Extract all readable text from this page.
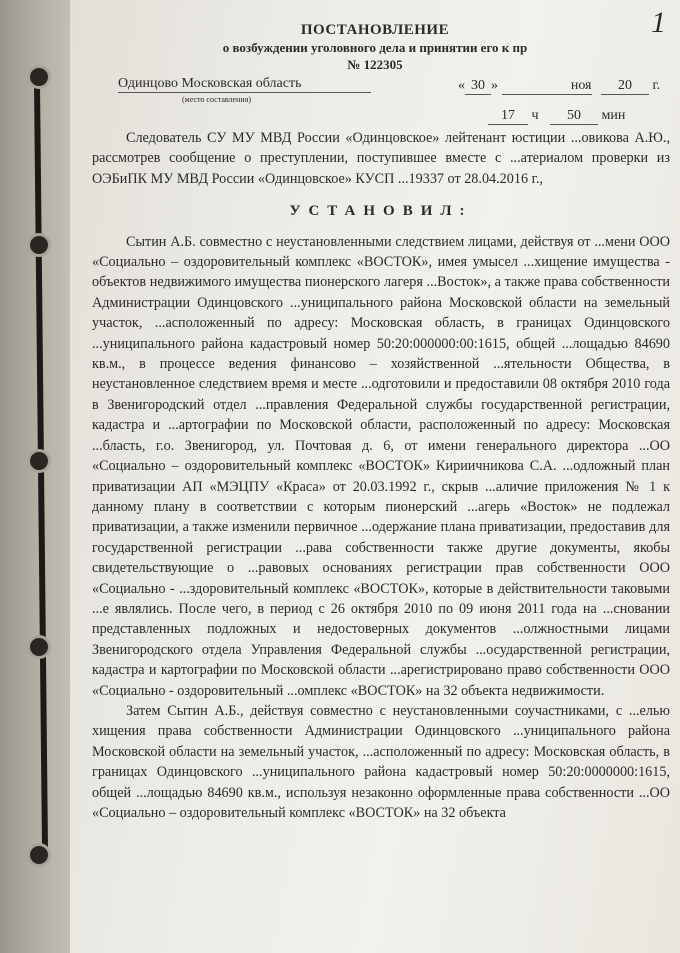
1
ПОСТАНОВЛЕНИЕ
о возбуждении уголовного дела и принятии его к пр
№ 122305
Одинцово Московская область
(место составления)
« 30 »	ноя 20 г.
17 ч 50 мин

Следователь СУ МУ МВД России «Одинцовское» лейтенант юстиции ...овикова А.Ю., рассмотрев сообщение о преступлении, поступившее вместе с ...атериалом проверки из ОЭБиПК МУ МВД России «Одинцовское» КУСП ...19337 от 28.04.2016 г.,

УСТАНОВИЛ:

Сытин А.Б. совместно с неустановленными следствием лицами, действуя от ...мени ООО «Социально – оздоровительный комплекс «ВОСТОК», имея умысел ...хищение имущества - объектов недвижимого имущества пионерского лагеря ...Восток», а также права собственности Администрации Одинцовского ...униципального района Московской области на земельный участок, ...асположенный по адресу: Московская область, в границах Одинцовского ...униципального района кадастровый номер 50:20:000000:00:1615, общей ...лощадью 84690 кв.м., в процессе ведения финансово – хозяйственной ...ятельности Общества, в неустановленное следствием время и месте ...одготовили и предоставили 08 октября 2010 года в Звенигородский отдел ...правления Федеральной службы государственной регистрации, кадастра и ...артографии по Московской области, расположенный по адресу: Московская ...бласть, г.о. Звенигород, ул. Почтовая д. 6, от имени генерального директора ...ОО «Социально – оздоровительный комплекс «ВОСТОК» Кириичникова С.А. ...одложный план приватизации АП «МЭЦПУ «Краса» от 20.03.1992 г., скрыв ...аличие приложения № 1 к данному плану в соответствии с которым пионерский ...агерь «Восток» не подлежал приватизации, а также изменили первичное ...одержание плана приватизации, предоставив для государственной регистрации ...рава собственности также другие документы, якобы свидетельствующие о ...равовых основаниях регистрации прав собственности ООО «Социально - ...здоровительный комплекс «ВОСТОК», которые в действительности таковыми ...е являлись. После чего, в период с 26 октября 2010 по 09 июня 2011 года на ...сновании представленных подложных и недостоверных документов ...олжностными лицами Звенигородского отдела Управления Федеральной службы ...осударственной регистрации, кадастра и картографии по Московской области ...арегистрировано право собственности ООО «Социально - оздоровительный ...омплекс «ВОСТОК» на 32 объекта недвижимости.

Затем Сытин А.Б., действуя совместно с неустановленными соучастниками, с ...елью хищения права собственности Администрации Одинцовского ...униципального района Московской области на земельный участок, ...асположенный по адресу: Московская область, в границах Одинцовского ...униципального района кадастровый номер 50:20:0000000:1615, общей ...лощадью 84690 кв.м., используя незаконно оформленные права собственности ...ОО «Социально – оздоровительный комплекс «ВОСТОК» на 32 объекта
